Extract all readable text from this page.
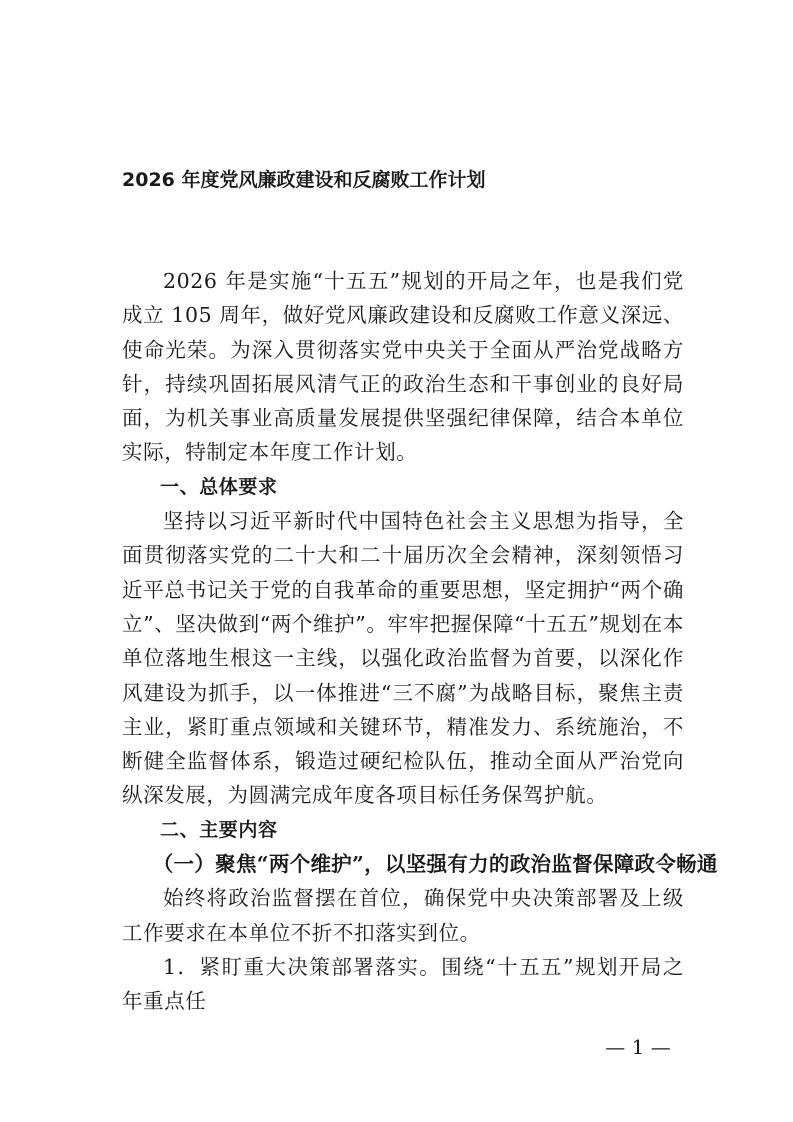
2026 年度党风廉政建设和反腐败工作计划

2026 年是实施“十五五”规划的开局之年，也是我们党成立 105 周年，做好党风廉政建设和反腐败工作意义深远、使命光荣。为深入贯彻落实党中央关于全面从严治党战略方针，持续巩固拓展风清气正的政治生态和干事创业的良好局面，为机关事业高质量发展提供坚强纪律保障，结合本单位实际，特制定本年度工作计划。

一、总体要求

坚持以习近平新时代中国特色社会主义思想为指导，全面贯彻落实党的二十大和二十届历次全会精神，深刻领悟习近平总书记关于党的自我革命的重要思想，坚定拥护“两个确立”、坚决做到“两个维护”。牢牢把握保障“十五五”规划在本单位落地生根这一主线，以强化政治监督为首要，以深化作风建设为抓手，以一体推进“三不腐”为战略目标，聚焦主责主业，紧盯重点领域和关键环节，精准发力、系统施治，不断健全监督体系，锻造过硬纪检队伍，推动全面从严治党向纵深发展，为圆满完成年度各项目标任务保驾护航。

二、主要内容

（一）聚焦“两个维护”，以坚强有力的政治监督保障政令畅通

始终将政治监督摆在首位，确保党中央决策部署及上级工作要求在本单位不折不扣落实到位。

1．紧盯重大决策部署落实。围绕“十五五”规划开局之年重点任

— 1 —
